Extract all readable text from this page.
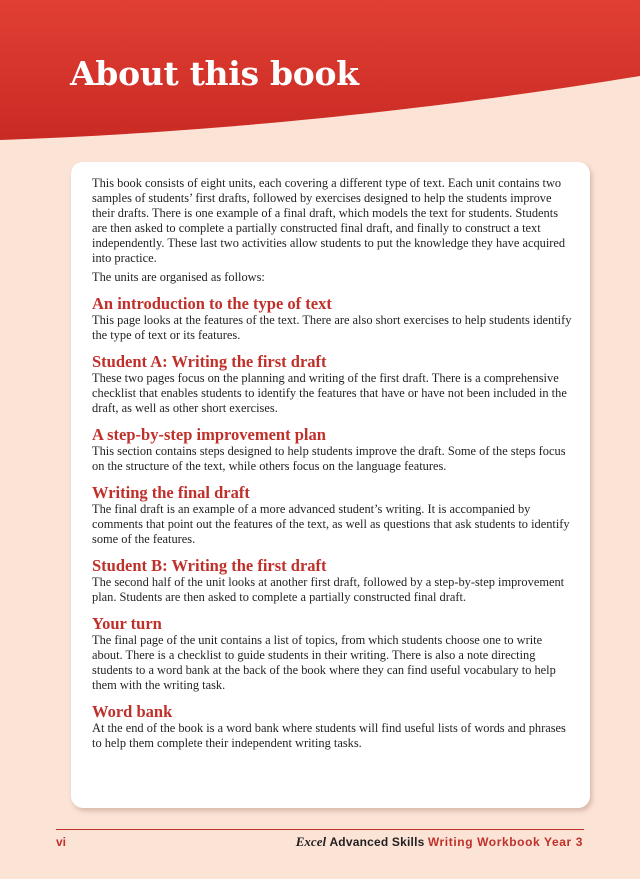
About this book

This book consists of eight units, each covering a different type of text. Each unit contains two samples of students’ first drafts, followed by exercises designed to help the students improve their drafts. There is one example of a final draft, which models the text for students. Students are then asked to complete a partially constructed final draft, and finally to construct a text independently. These last two activities allow students to put the knowledge they have acquired into practice.

The units are organised as follows:

An introduction to the type of text

This page looks at the features of the text. There are also short exercises to help students identify the type of text or its features.

Student A: Writing the first draft

These two pages focus on the planning and writing of the first draft. There is a comprehensive checklist that enables students to identify the features that have or have not been included in the draft, as well as other short exercises.

A step-by-step improvement plan

This section contains steps designed to help students improve the draft. Some of the steps focus on the structure of the text, while others focus on the language features.

Writing the final draft

The final draft is an example of a more advanced student’s writing. It is accompanied by comments that point out the features of the text, as well as questions that ask students to identify some of the features.

Student B: Writing the first draft

The second half of the unit looks at another first draft, followed by a step-by-step improvement plan. Students are then asked to complete a partially constructed final draft.

Your turn

The final page of the unit contains a list of topics, from which students choose one to write about. There is a checklist to guide students in their writing. There is also a note directing students to a word bank at the back of the book where they can find useful vocabulary to help them with the writing task.

Word bank

At the end of the book is a word bank where students will find useful lists of words and phrases to help them complete their independent writing tasks.

vi	Excel Advanced Skills Writing Workbook Year 3
